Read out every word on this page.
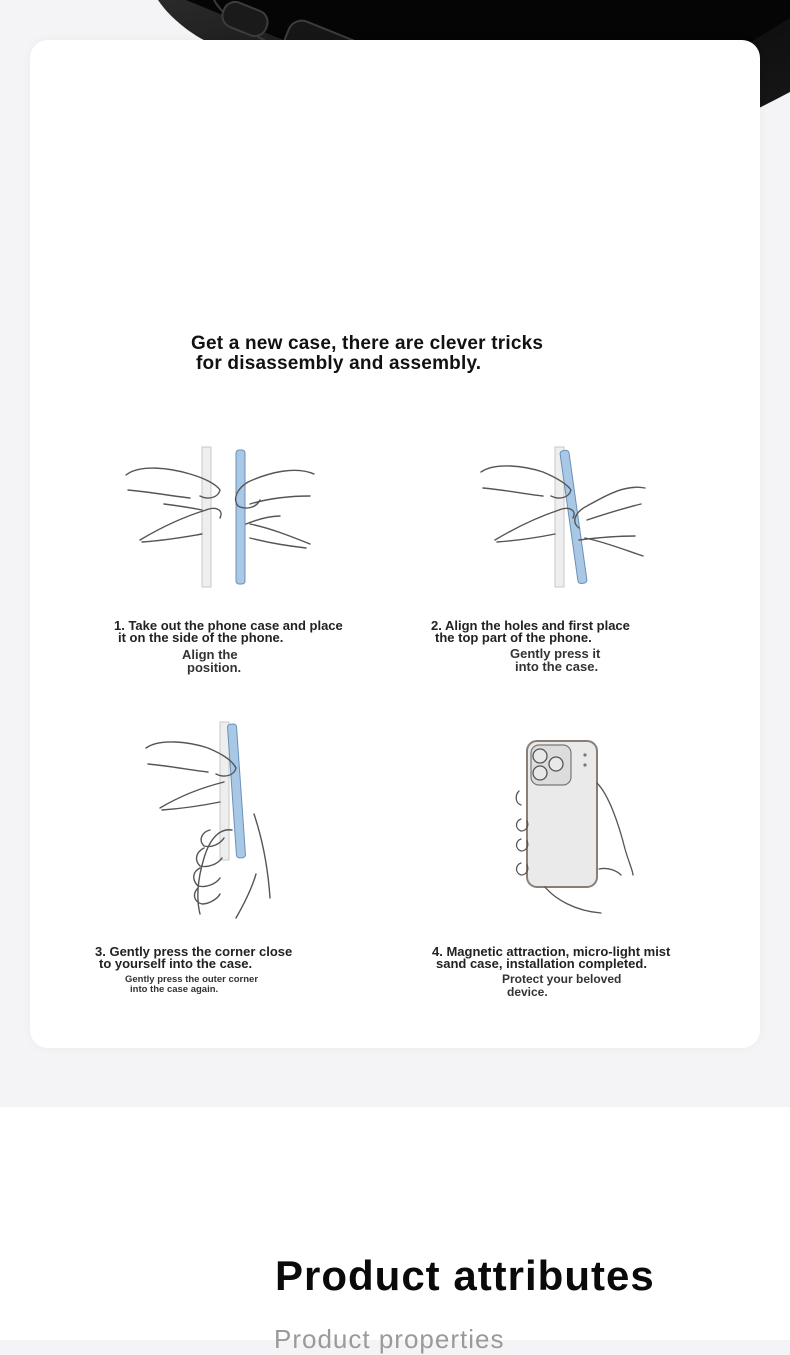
Get a new case, there are clever tricks
for disassembly and assembly.
1. Take out the phone case and place
it on the side of the phone.
Align the
position.
2. Align the holes and first place
the top part of the phone.
Gently press it
into the case.
3. Gently press the corner close
to yourself into the case.
Gently press the outer corner
into the case again.
4. Magnetic attraction, micro-light mist
sand case, installation completed.
Protect your beloved
device.
Product attributes
Product properties
